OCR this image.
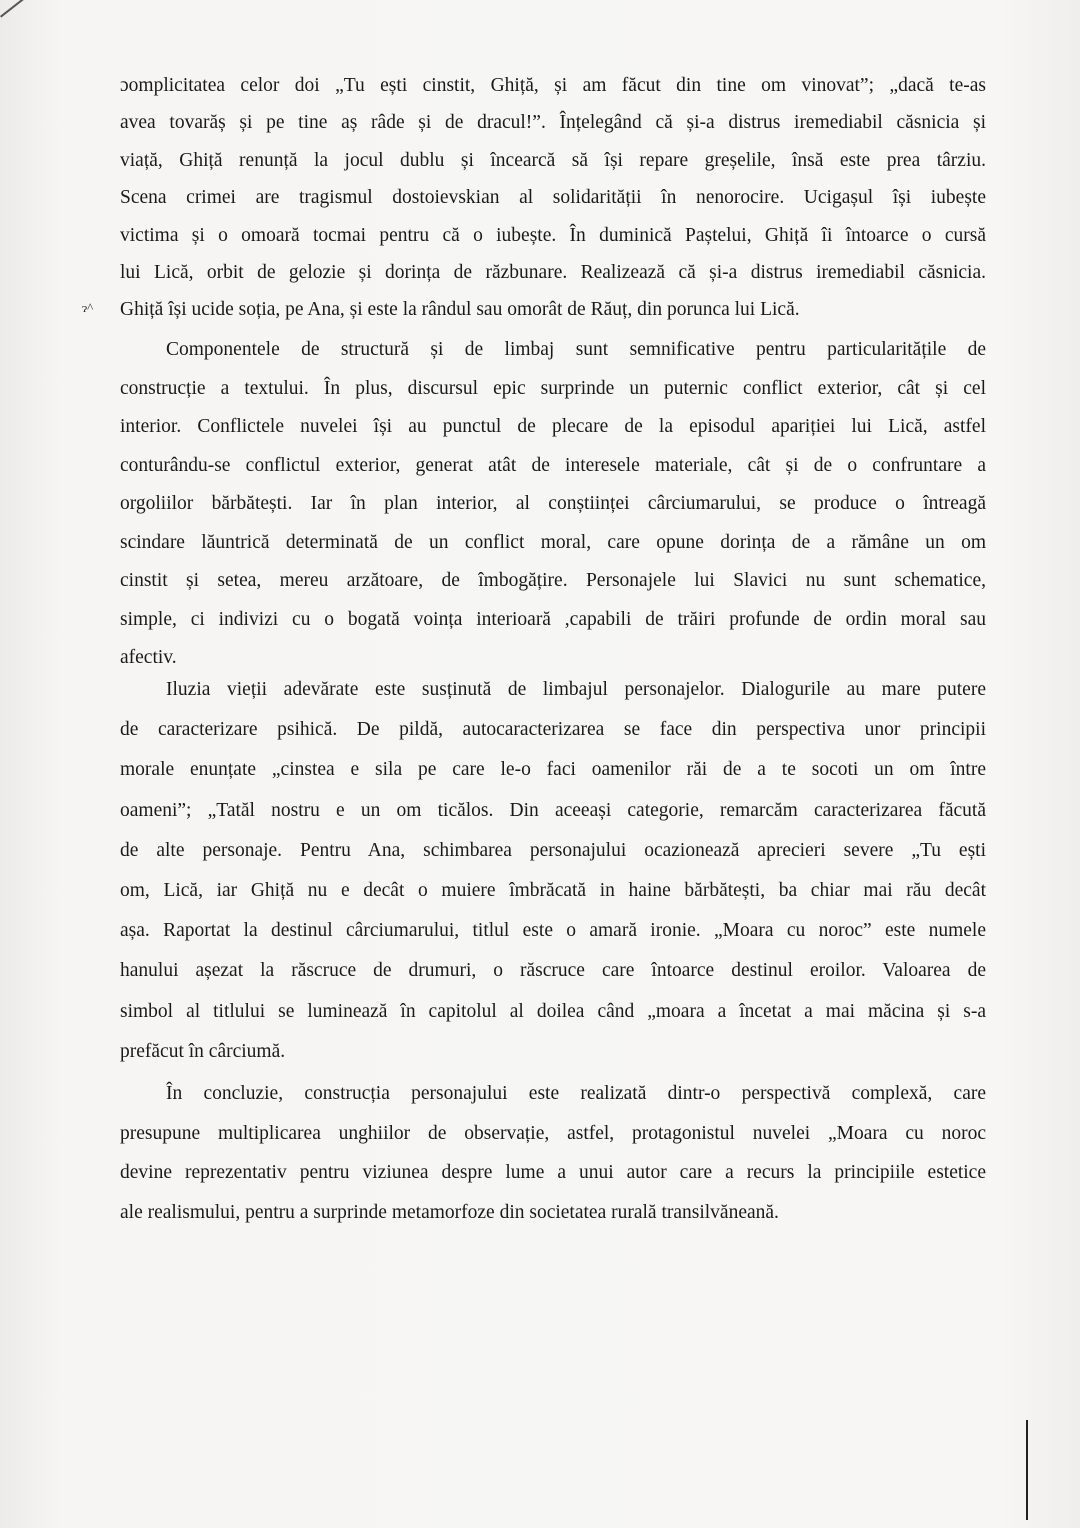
ɂ^
ɔomplicitatea celor doi „Tu ești cinstit, Ghiță, și am făcut din tine om vinovat”; „dacă te-as
avea tovarăș și pe tine aș râde și de dracul!”. Înțelegând că și-a distrus iremediabil căsnicia și
viață, Ghiță renunță la jocul dublu și încearcă să își repare greșelile, însă este prea târziu.
Scena crimei are tragismul dostoievskian al solidarității în nenorocire. Ucigașul își iubește
victima și o omoară tocmai pentru că o iubește. În duminică Paștelui, Ghiță îi întoarce o cursă
lui Lică, orbit de gelozie și dorința de răzbunare. Realizează că și-a distrus iremediabil căsnicia.
Ghiță își ucide soția, pe Ana, și este la rândul sau omorât de Răuț, din porunca lui Lică.
Componentele de structură și de limbaj sunt semnificative pentru particularitățile de
construcție a textului. În plus, discursul epic surprinde un puternic conflict exterior, cât și cel
interior. Conflictele nuvelei își au punctul de plecare de la episodul apariției lui Lică, astfel
conturându-se conflictul exterior, generat atât de interesele materiale, cât și de o confruntare a
orgoliilor bărbătești. Iar în plan interior, al conștiinței cârciumarului, se produce o întreagă
scindare lăuntrică determinată de un conflict moral, care opune dorința de a rămâne un om
cinstit și setea, mereu arzătoare, de îmbogățire. Personajele lui Slavici nu sunt schematice,
simple, ci indivizi cu o bogată voința interioară ,capabili de trăiri profunde de ordin moral sau
afectiv.
Iluzia vieții adevărate este susținută de limbajul personajelor. Dialogurile au mare putere
de caracterizare psihică. De pildă, autocaracterizarea se face din perspectiva unor principii
morale enunțate „cinstea e sila pe care le-o faci oamenilor răi de a te socoti un om între
oameni”; „Tatăl nostru e un om ticălos. Din aceeași categorie, remarcăm caracterizarea făcută
de alte personaje. Pentru Ana, schimbarea personajului ocazionează aprecieri severe „Tu ești
om, Lică, iar Ghiță nu e decât o muiere îmbrăcată in haine bărbătești, ba chiar mai rău decât
așa. Raportat la destinul cârciumarului, titlul este o amară ironie. „Moara cu noroc” este numele
hanului așezat la răscruce de drumuri, o răscruce care întoarce destinul eroilor. Valoarea de
simbol al titlului se luminează în capitolul al doilea când „moara a încetat a mai măcina și s-a
prefăcut în cârciumă.
În concluzie, construcția personajului este realizată dintr-o perspectivă complexă, care
presupune multiplicarea unghiilor de observație, astfel, protagonistul nuvelei „Moara cu noroc
devine reprezentativ pentru viziunea despre lume a unui autor care a recurs la principiile estetice
ale realismului, pentru a surprinde metamorfoze din societatea rurală transilvăneană.
